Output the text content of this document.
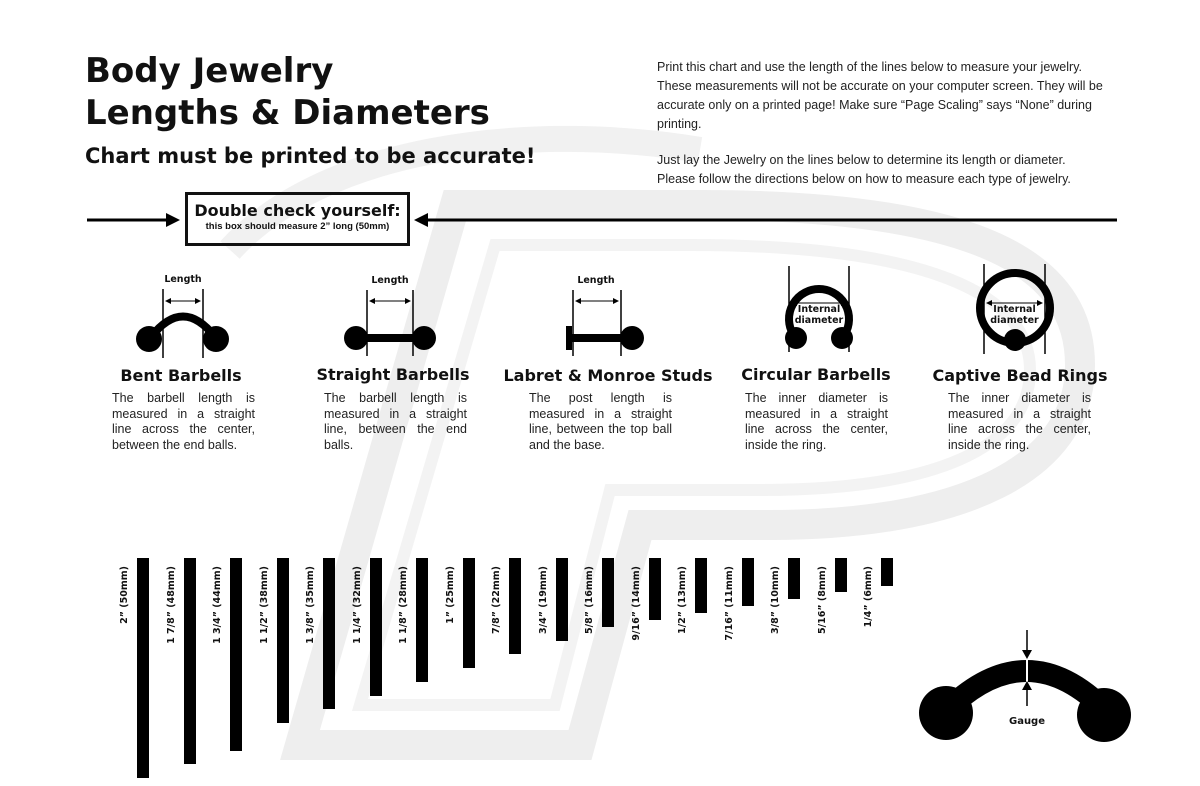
Body Jewelry
Lengths & Diameters
Chart must be printed to be accurate!
Print this chart and use the length of the lines below to measure your jewelry. These measurements will not be accurate on your computer screen. They will be accurate only on a printed page! Make sure “Page Scaling” says “None” during printing.
Just lay the Jewelry on the lines below to determine its length or diameter. Please follow the directions below on how to measure each type of jewelry.
Double check yourself:
this box should measure 2” long (50mm)
Length	Length	Length
Internal
diameter
Internal
diameter
Bent Barbells	Straight Barbells	Labret & Monroe Studs	Circular Barbells	Captive Bead Rings
The barbell length is measured in a straight line across the center, between the end balls.
The barbell length is measured in a straight line, between the end balls.
The post length is measured in a straight line, between the top ball and the base.
The inner diameter is measured in a straight line across the center, inside the ring.
The inner diameter is measured in a straight line across the center, inside the ring.
2” (50mm)	1 7/8” (48mm)	1 3/4” (44mm)	1 1/2” (38mm)	1 3/8” (35mm)	1 1/4” (32mm)	1 1/8” (28mm)	1” (25mm)	7/8” (22mm)	3/4” (19mm)	5/8” (16mm)	9/16” (14mm)	1/2” (13mm)	7/16” (11mm)	3/8” (10mm)	5/16” (8mm)	1/4” (6mm)
Gauge
